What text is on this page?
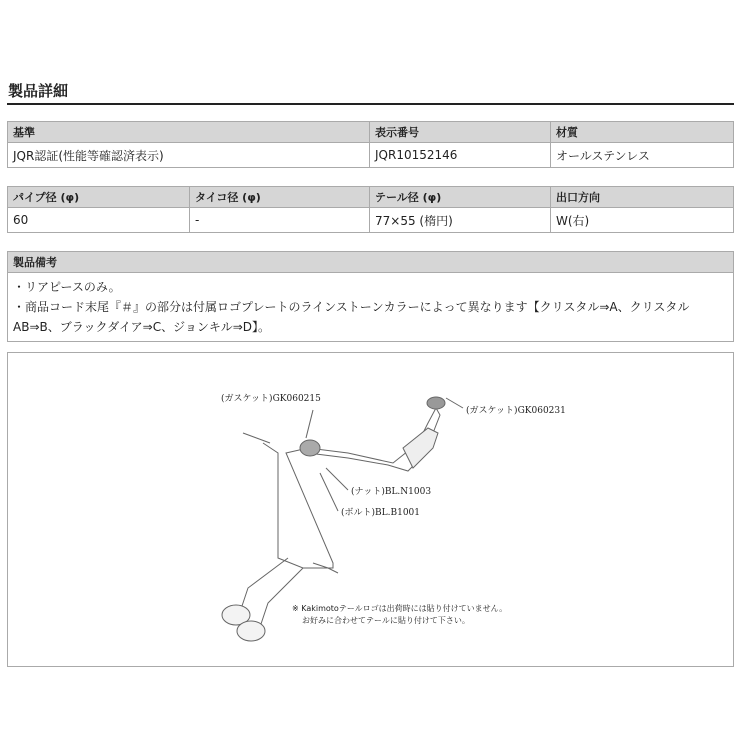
製品詳細
基準	表示番号	材質
JQR認証(性能等確認済表示)	JQR10152146	オールステンレス
パイプ径 (φ)	タイコ径 (φ)	テール径 (φ)	出口方向
60	-	77×55 (楕円)	W(右)
製品備考

・リアピースのみ。
・商品コード末尾『＃』の部分は付属ロゴプレートのラインストーンカラーによって異なります【クリスタル⇒A、クリスタルAB⇒B、ブラックダイア⇒C、ジョンキル⇒D】。
(ガスケット)GK060215
(ガスケット)GK060231
(ナット)BL.N1003
(ボルト)BL.B1001
※ Kakimotoテールロゴは出荷時には貼り付けていません。
お好みに合わせてテールに貼り付けて下さい。
